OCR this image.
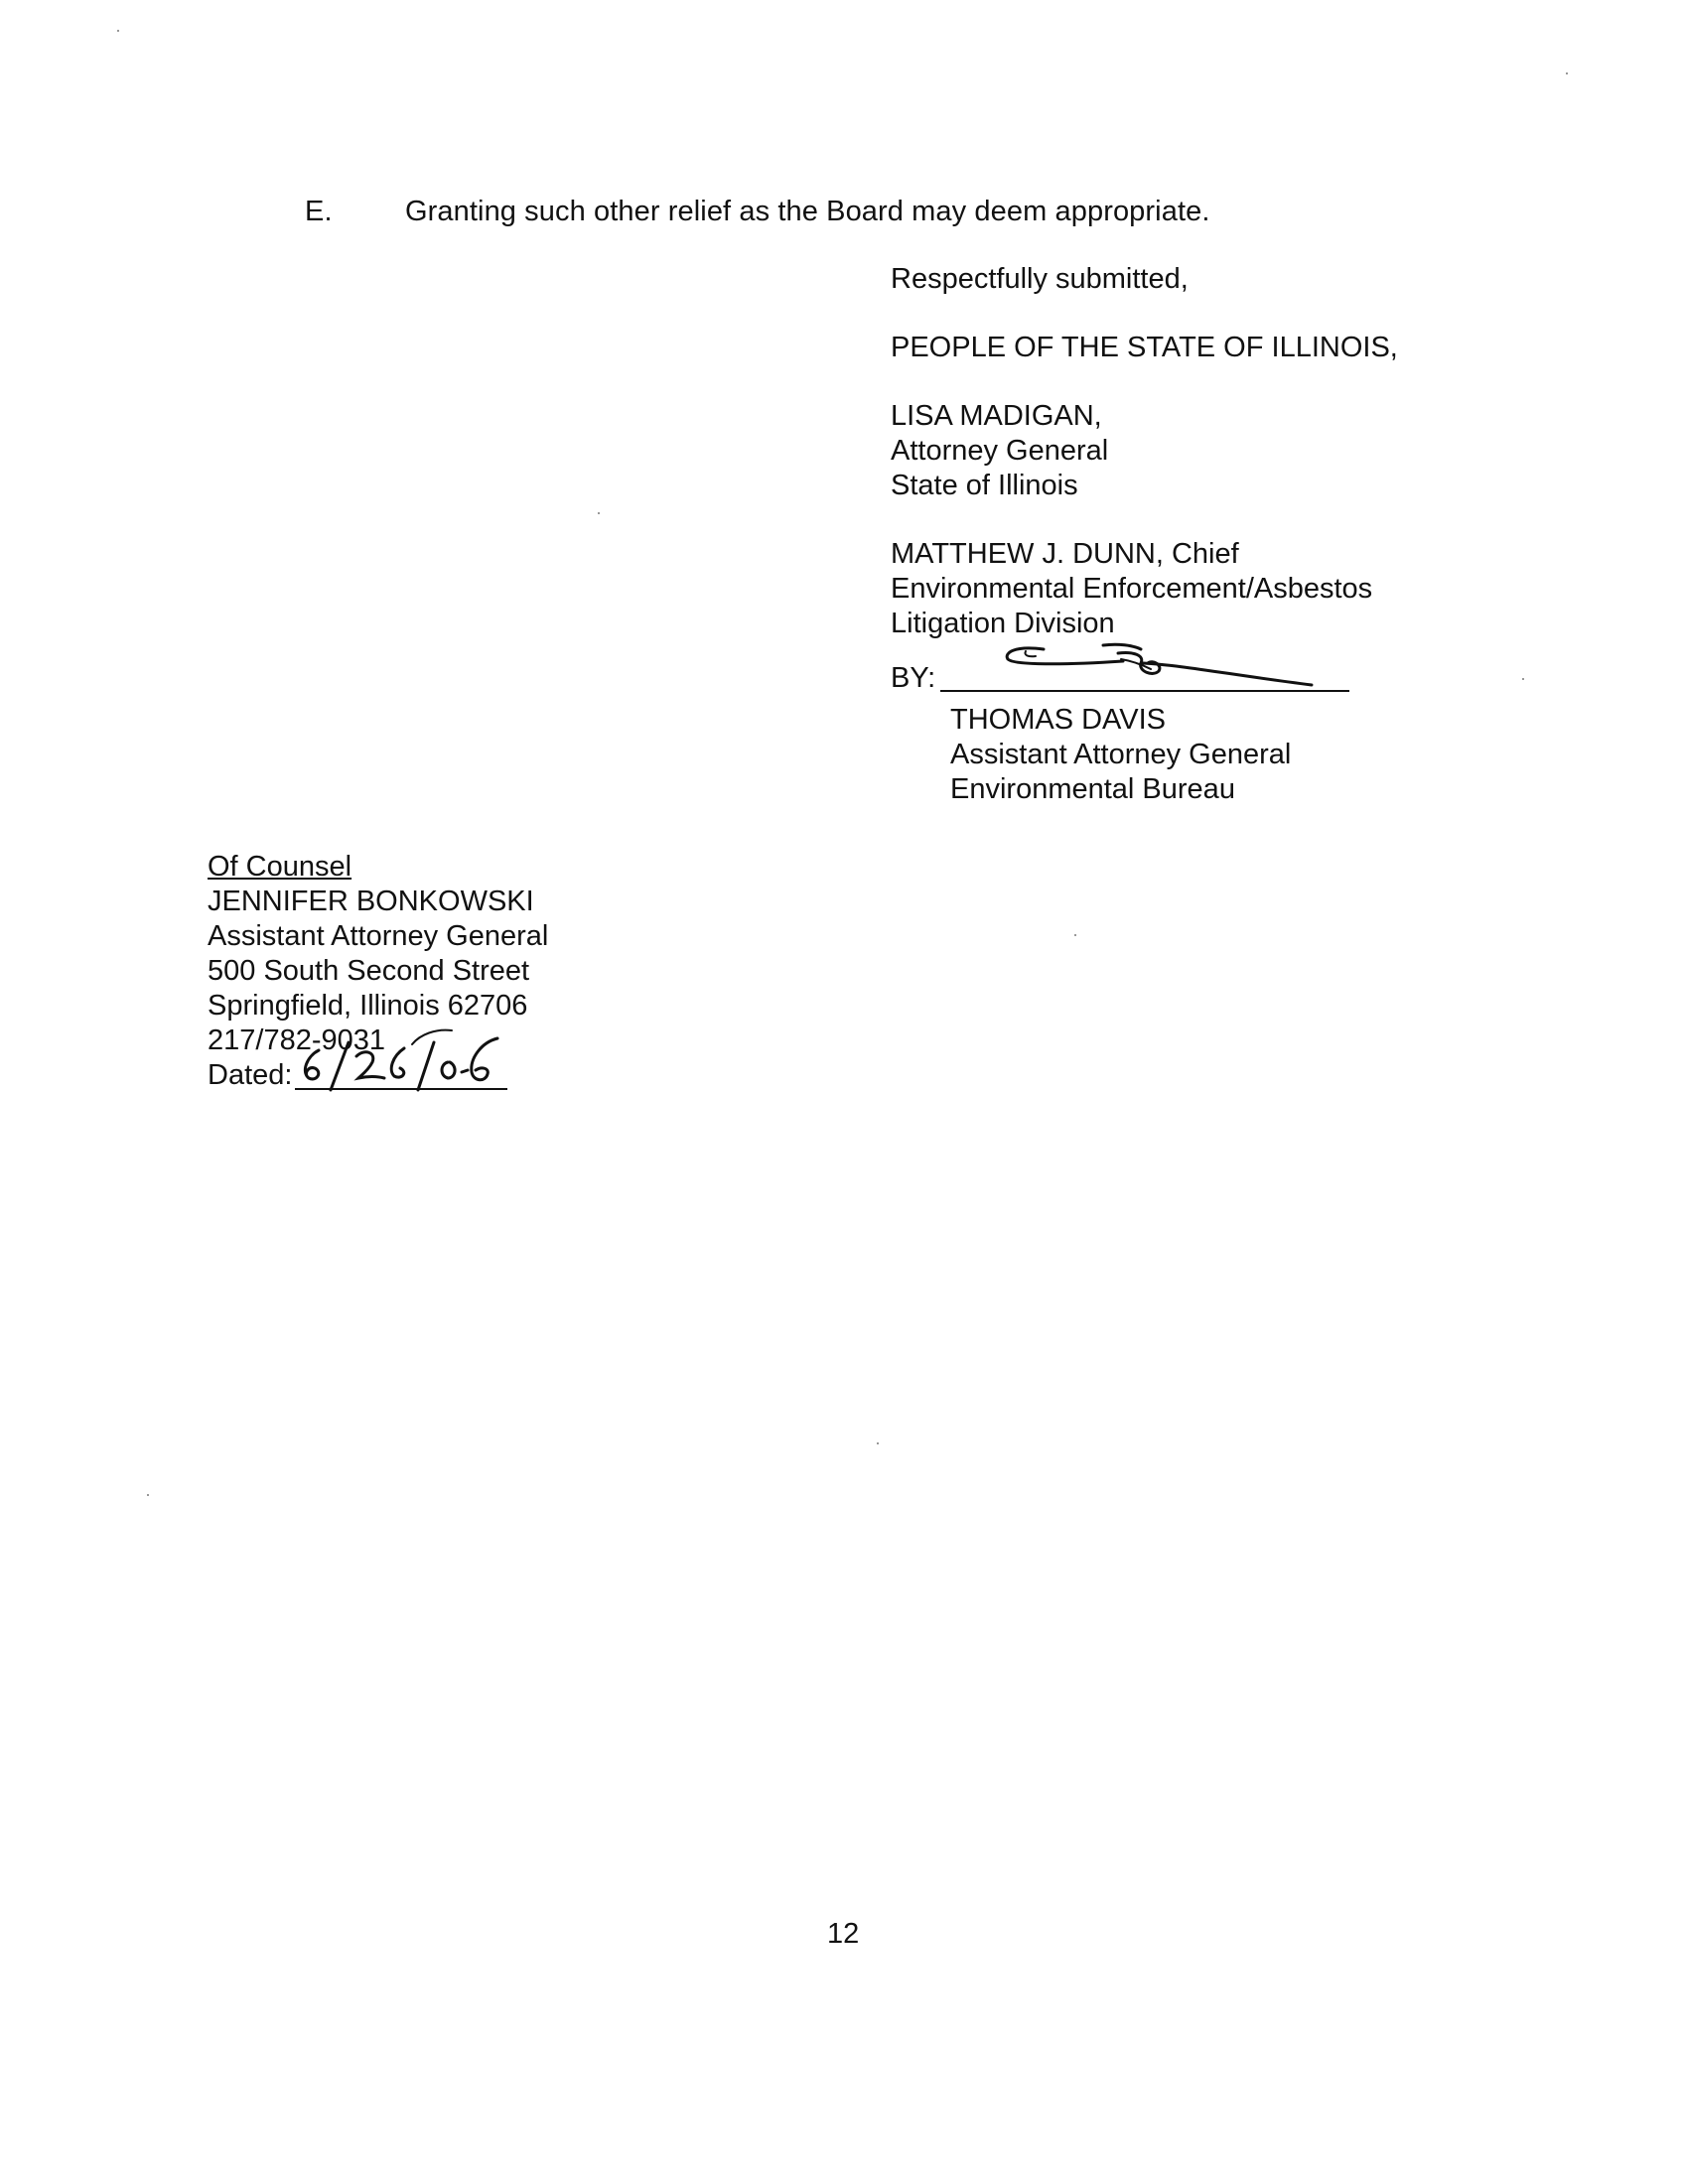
E.	Granting such other relief as the Board may deem appropriate.
Respectfully submitted,
PEOPLE OF THE STATE OF ILLINOIS,
LISA MADIGAN,
Attorney General
State of Illinois
MATTHEW J. DUNN, Chief
Environmental Enforcement/Asbestos
Litigation Division
BY:
THOMAS DAVIS
Assistant Attorney General
Environmental Bureau
Of Counsel
JENNIFER BONKOWSKI
Assistant Attorney General
500 South Second Street
Springfield, Illinois 62706
217/782-9031
Dated:
12
